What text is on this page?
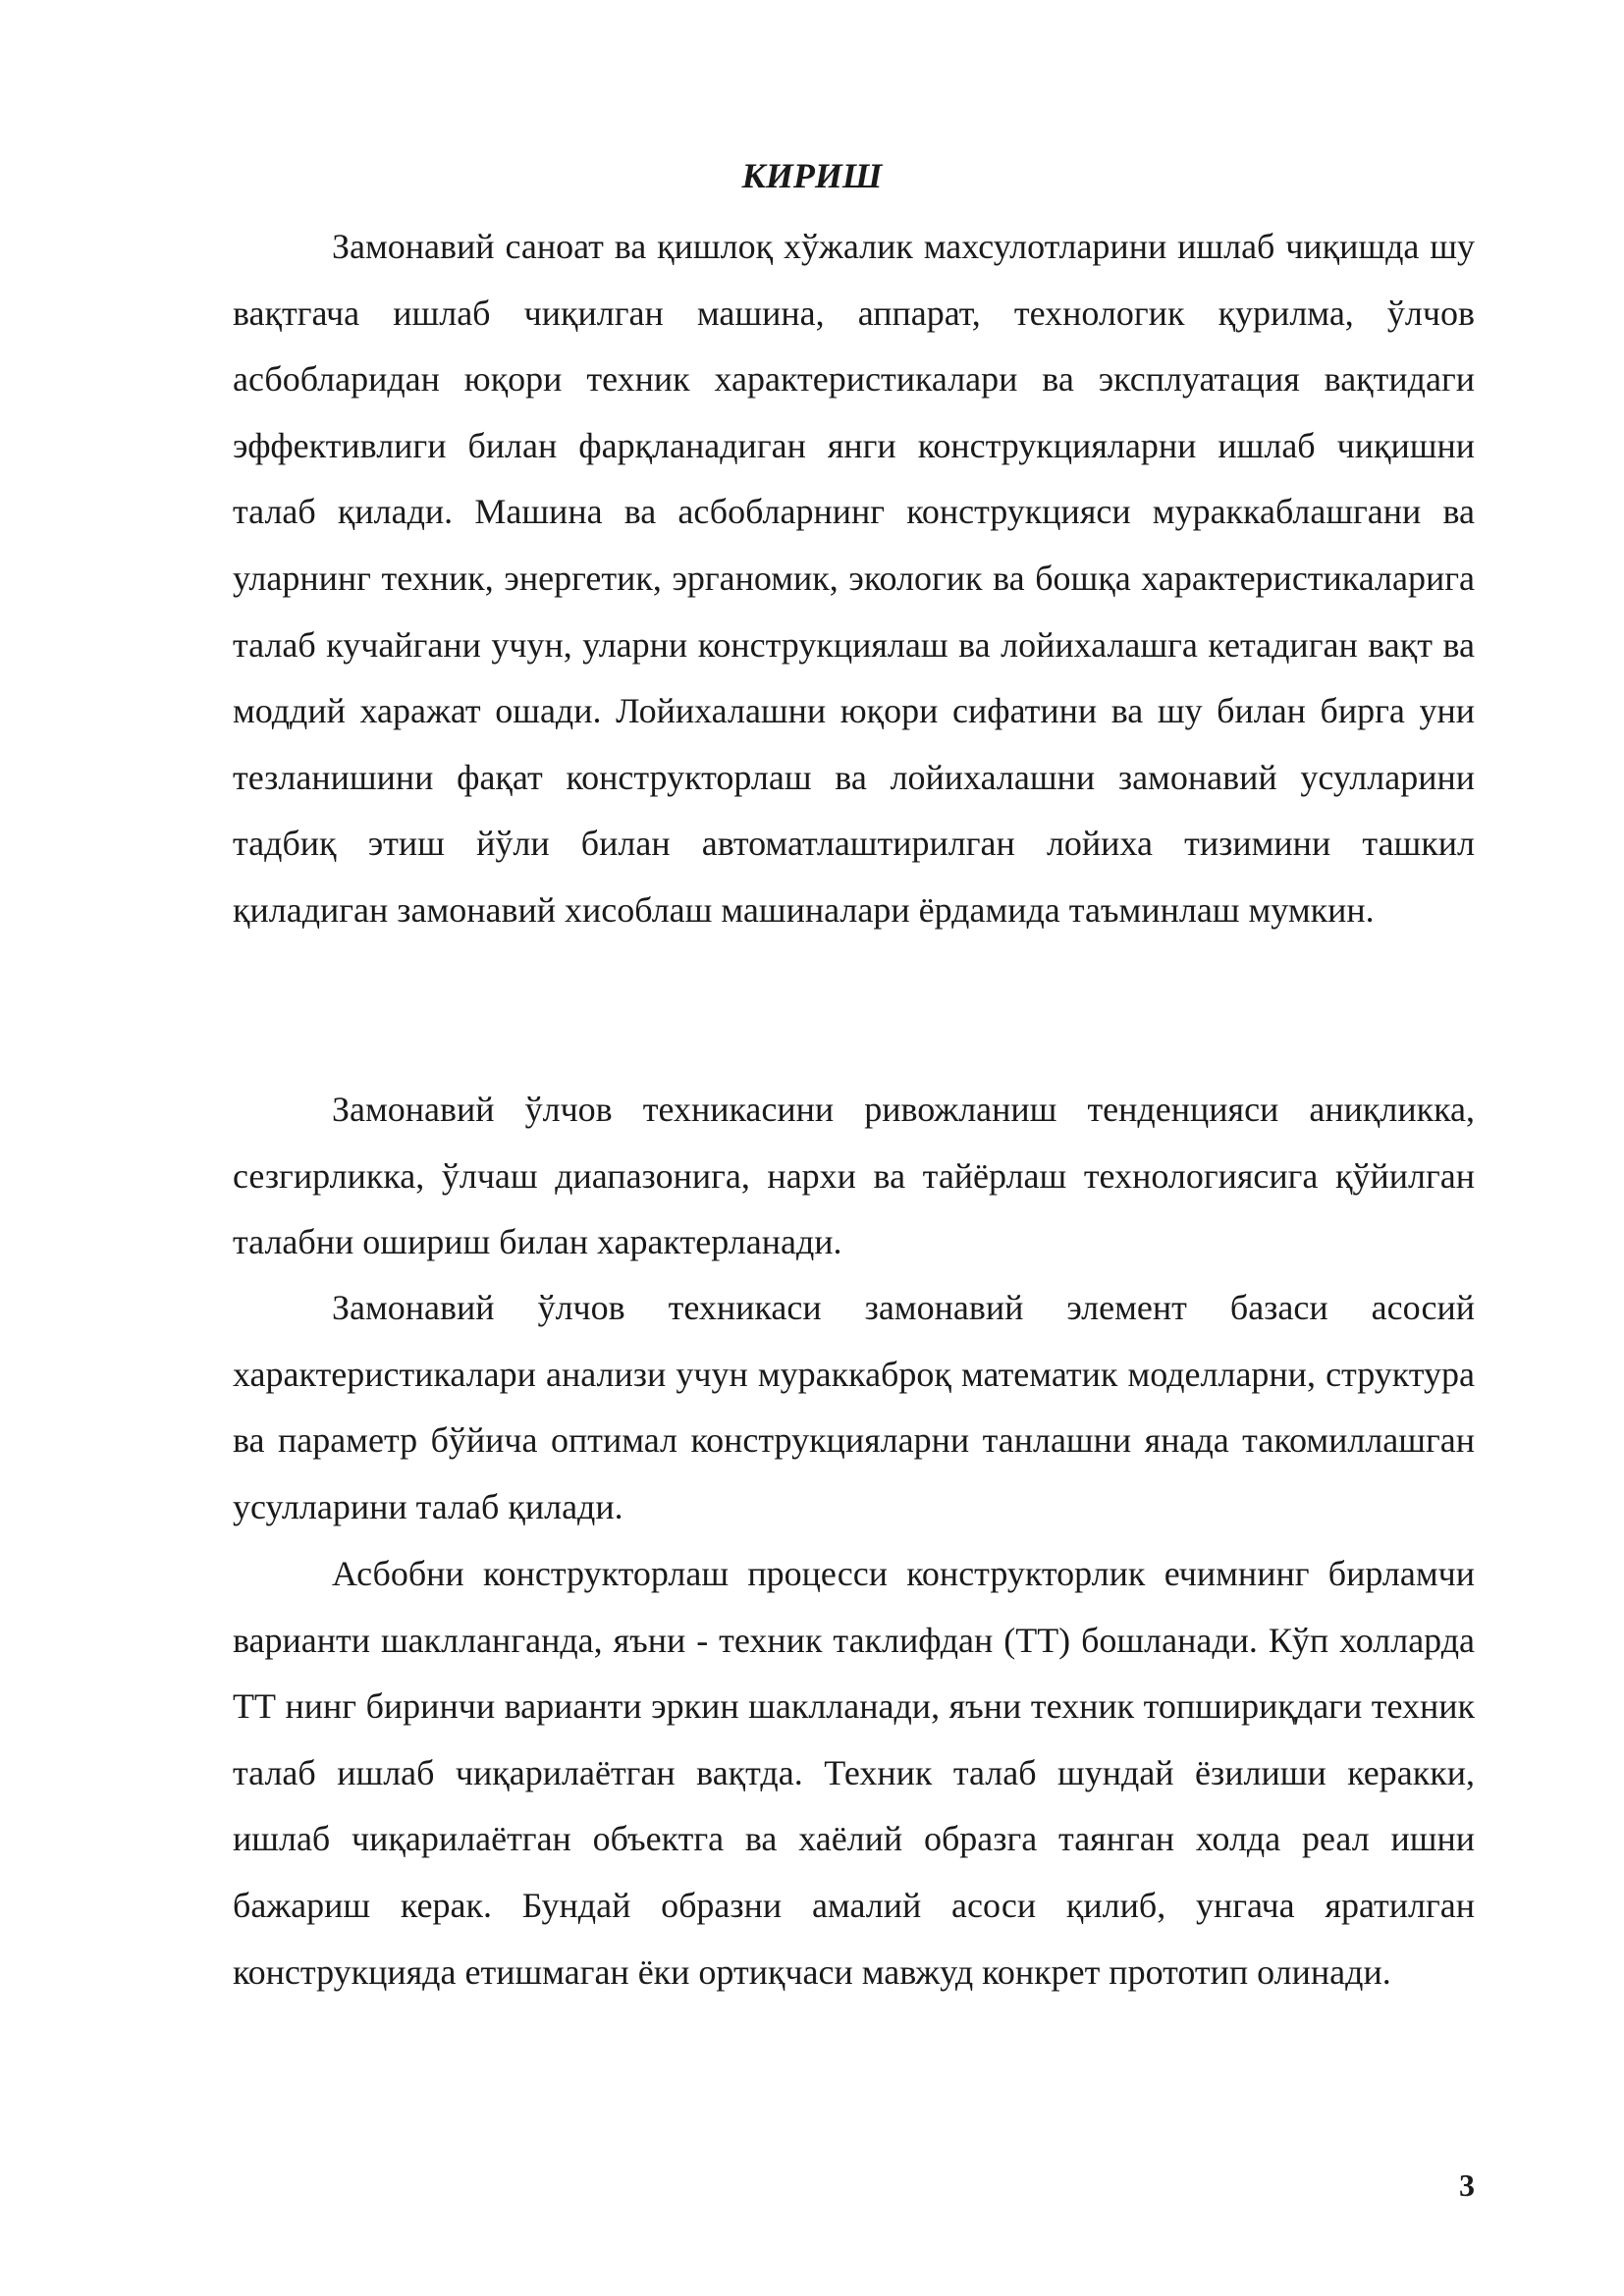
КИРИШ

Замонавий саноат ва қишлоқ хўжалик махсулотларини ишлаб чиқишда шу вақтгача ишлаб чиқилган машина, аппарат, технологик қурилма, ўлчов асбобларидан юқори техник характеристикалари ва эксплуатация вақтидаги эффективлиги билан фарқланадиган янги конструкцияларни ишлаб чиқишни талаб қилади. Машина ва асбобларнинг конструкцияси мураккаблашгани ва уларнинг техник, энергетик, эрганомик, экологик ва бошқа характеристикаларига талаб кучайгани учун, уларни конструкциялаш ва лойихалашга кетадиган вақт ва моддий харажат ошади. Лойихалашни юқори сифатини ва шу билан бирга уни тезланишини фақат конструкторлаш ва лойихалашни замонавий усулларини тадбиқ этиш йўли билан автоматлаштирилган лойиха тизимини ташкил қиладиган замонавий хисоблаш машиналари ёрдамида таъминлаш мумкин.

Замонавий ўлчов техникасини ривожланиш тенденцияси аниқликка, сезгирликка, ўлчаш диапазонига, нархи ва тайёрлаш технологиясига қўйилган талабни ошириш билан характерланади.

Замонавий ўлчов техникаси замонавий элемент базаси асосий характеристикалари анализи учун мураккаброқ математик моделларни, структура ва параметр бўйича оптимал конструкцияларни танлашни янада такомиллашган усулларини талаб қилади.

Асбобни конструкторлаш процесси конструкторлик ечимнинг бирламчи варианти шаклланганда, яъни - техник таклифдан (ТТ) бошланади. Кўп холларда ТТ нинг биринчи варианти эркин шаклланади, яъни техник топшириқдаги техник талаб ишлаб чиқарилаётган вақтда. Техник талаб шундай ёзилиши керакки, ишлаб чиқарилаётган объектга ва хаёлий образга таянган холда реал ишни бажариш керак. Бундай образни амалий асоси қилиб, унгача яратилган конструкцияда етишмаган ёки ортиқчаси мавжуд конкрет прототип олинади.

3
